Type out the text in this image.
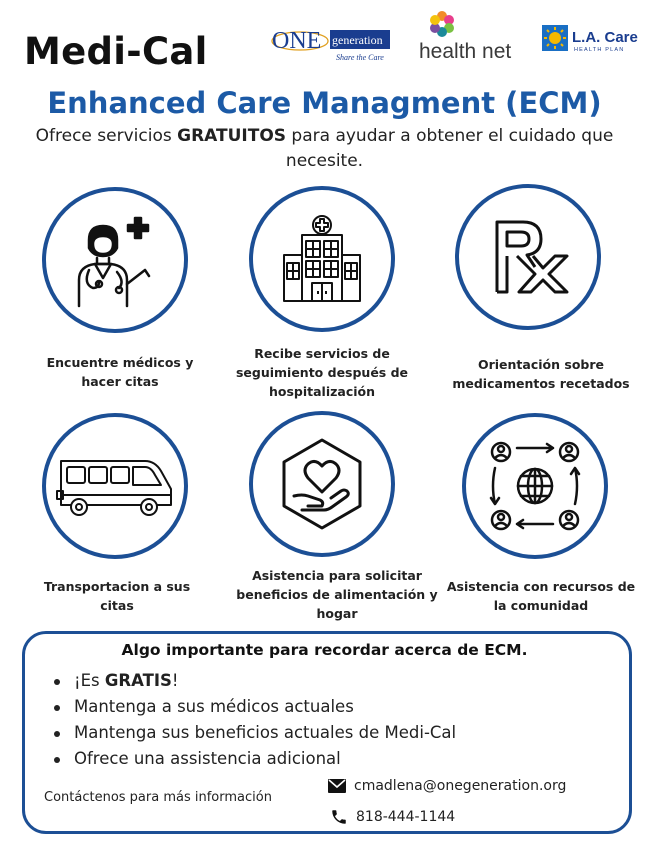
Medi-Cal
Enhanced Care Managment (ECM)
Ofrece servicios GRATUITOS para ayudar a obtener el cuidado que necesite.
ONE generation
Share the Care health net
L.A. Care
HEALTH PLAN
Encuentre médicos y hacer citas
Recibe servicios de seguimiento después de hospitalización
Orientación sobre medicamentos recetados
Transportacion a sus citas
Asistencia para solicitar beneficios de alimentación y hogar
Asistencia con recursos de la comunidad
Algo importante para recordar acerca de ECM.
¡Es GRATIS!
Mantenga a sus médicos actuales
Mantenga sus beneficios actuales de Medi-Cal
Ofrece una assistencia adicional
Contáctenos para más información
cmadlena@onegeneration.org
818-444-1144
